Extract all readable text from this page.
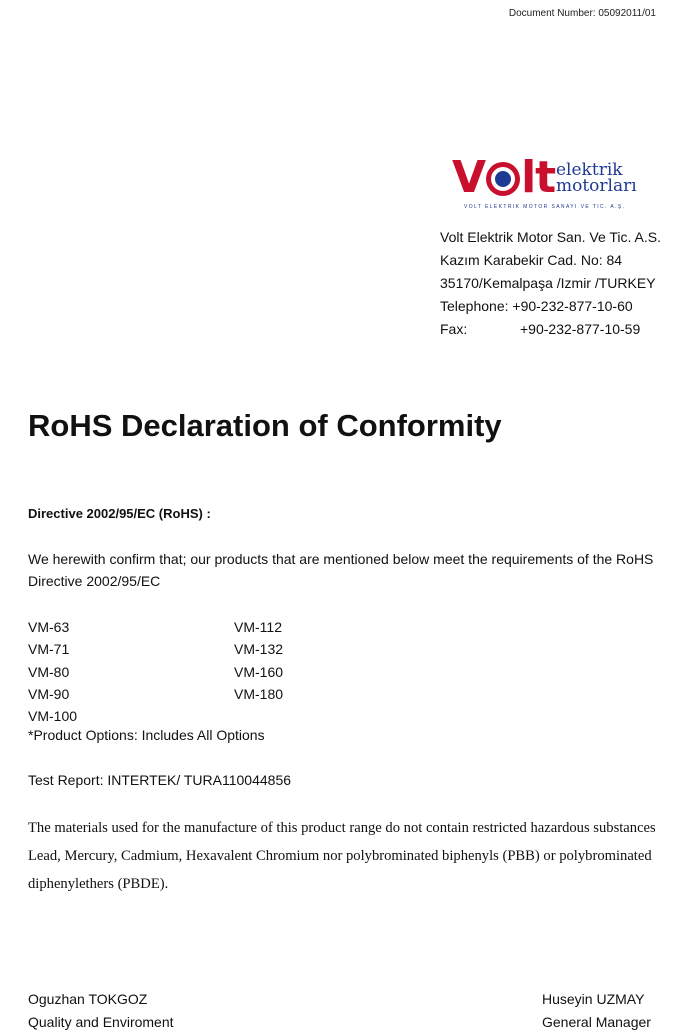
Document Number: 05092011/01
V lt elektrik
motorları
VOLT ELEKTRIK MOTOR SANAYI VE TIC. A.Ş.
Volt Elektrik Motor San. Ve Tic. A.S.
Kazım Karabekir Cad. No: 84
35170/Kemalpaşa /Izmir /TURKEY
Telephone: +90-232-877-10-60
Fax:	+90-232-877-10-59
RoHS Declaration of Conformity
Directive 2002/95/EC (RoHS) :
We herewith confirm that; our products that are mentioned below meet the requirements of the RoHS Directive 2002/95/EC
VM-63
VM-71
VM-80
VM-90
VM-100
VM-112
VM-132
VM-160
VM-180
*Product Options: Includes All Options
Test Report: INTERTEK/ TURA110044856
The materials used for the manufacture of this product range do not contain restricted hazardous substances Lead, Mercury, Cadmium, Hexavalent Chromium nor polybrominated biphenyls (PBB) or polybrominated diphenylethers (PBDE).
Oguzhan TOKGOZ
Quality and Enviroment
Huseyin UZMAY
General Manager
